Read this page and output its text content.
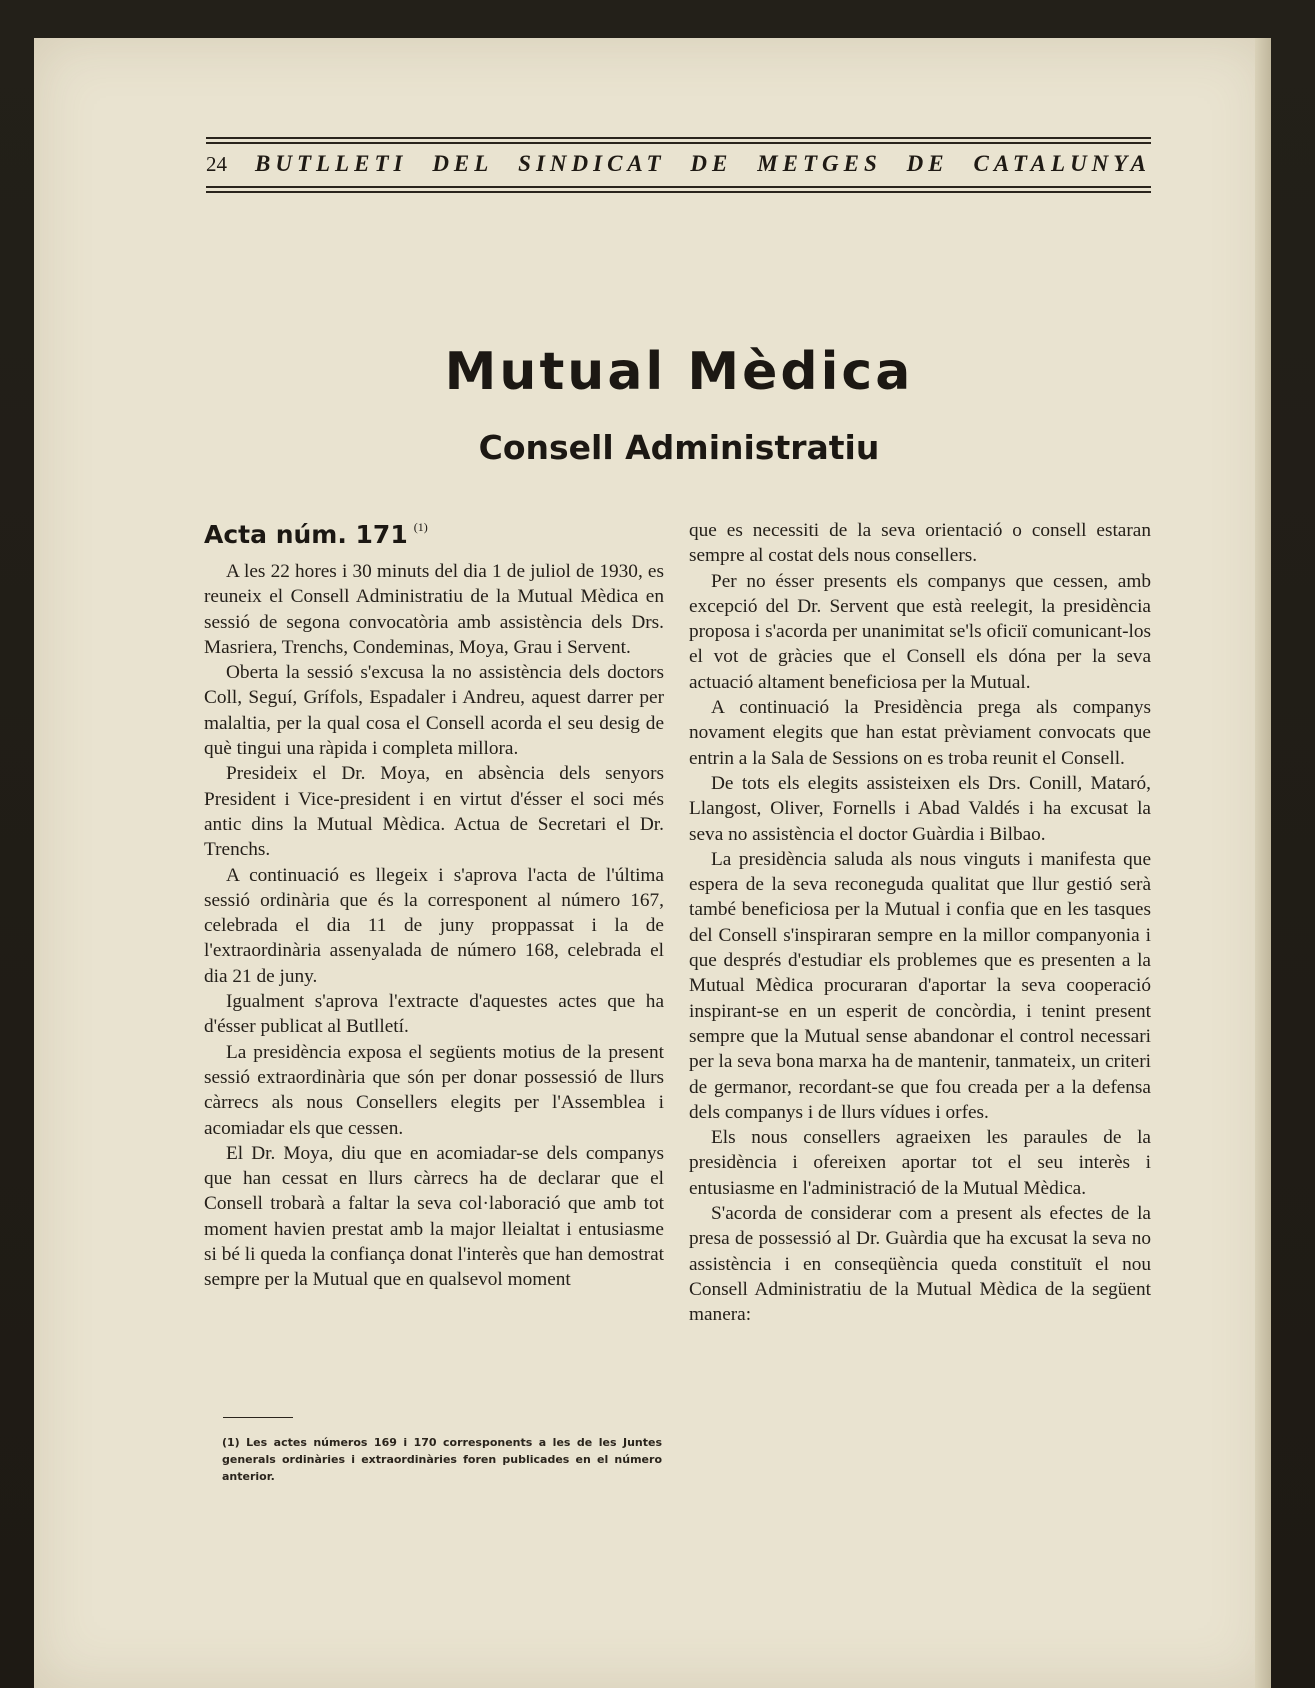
24 BUTLLETI DEL SINDICAT DE METGES DE CATALUNYA
Mutual Mèdica
Consell Administratiu
Acta núm. 171 $^{(1)}$

A les 22 hores i 30 minuts del dia 1 de juliol de 1930, es reuneix el Consell Administratiu de la Mutual Mèdica en sessió de segona convocatòria amb assistència dels Drs. Masriera, Trenchs, Condeminas, Moya, Grau i Servent.

Oberta la sessió s'excusa la no assistència dels doctors Coll, Seguí, Grífols, Espadaler i Andreu, aquest darrer per malaltia, per la qual cosa el Consell acorda el seu desig de què tingui una ràpida i completa millora.

Presideix el Dr. Moya, en absència dels senyors President i Vice-president i en virtut d'ésser el soci més antic dins la Mutual Mèdica. Actua de Secretari el Dr. Trenchs.

A continuació es llegeix i s'aprova l'acta de l'última sessió ordinària que és la corresponent al número 167, celebrada el dia 11 de juny proppassat i la de l'extraordinària assenyalada de número 168, celebrada el dia 21 de juny.

Igualment s'aprova l'extracte d'aquestes actes que ha d'ésser publicat al Butlletí.

La presidència exposa el següents motius de la present sessió extraordinària que són per donar possessió de llurs càrrecs als nous Consellers elegits per l'Assemblea i acomiadar els que cessen.

El Dr. Moya, diu que en acomiadar-se dels companys que han cessat en llurs càrrecs ha de declarar que el Consell trobarà a faltar la seva col·laboració que amb tot moment havien prestat amb la major lleialtat i entusiasme si bé li queda la confiança donat l'interès que han demostrat sempre per la Mutual que en qualsevol moment

que es necessiti de la seva orientació o consell estaran sempre al costat dels nous consellers.

Per no ésser presents els companys que cessen, amb excepció del Dr. Servent que està reelegit, la presidència proposa i s'acorda per unanimitat se'ls oficiï comunicant-los el vot de gràcies que el Consell els dóna per la seva actuació altament beneficiosa per la Mutual.

A continuació la Presidència prega als companys novament elegits que han estat prèviament convocats que entrin a la Sala de Sessions on es troba reunit el Consell.

De tots els elegits assisteixen els Drs. Conill, Mataró, Llangost, Oliver, Fornells i Abad Valdés i ha excusat la seva no assistència el doctor Guàrdia i Bilbao.

La presidència saluda als nous vinguts i manifesta que espera de la seva reconeguda qualitat que llur gestió serà també beneficiosa per la Mutual i confia que en les tasques del Consell s'inspiraran sempre en la millor companyonia i que després d'estudiar els problemes que es presenten a la Mutual Mèdica procuraran d'aportar la seva cooperació inspirant-se en un esperit de concòrdia, i tenint present sempre que la Mutual sense abandonar el control necessari per la seva bona marxa ha de mantenir, tanmateix, un criteri de germanor, recordant-se que fou creada per a la defensa dels companys i de llurs vídues i orfes.

Els nous consellers agraeixen les paraules de la presidència i ofereixen aportar tot el seu interès i entusiasme en l'administració de la Mutual Mèdica.

S'acorda de considerar com a present als efectes de la presa de possessió al Dr. Guàrdia que ha excusat la seva no assistència i en conseqüència queda constituït el nou Consell Administratiu de la Mutual Mèdica de la següent manera:

(1) Les actes números 169 i 170 corresponents a les de les Juntes generals ordinàries i extraordinàries foren publicades en el número anterior.
